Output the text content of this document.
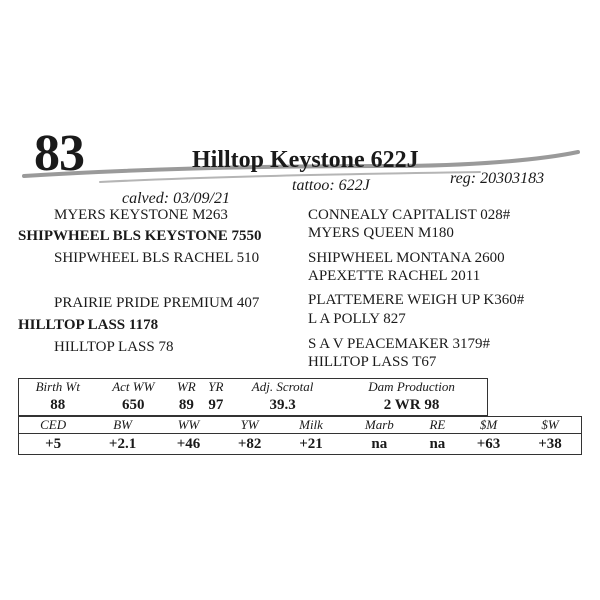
83	Hilltop Keystone 622J
calved: 03/09/21
tattoo: 622J	reg: 20303183
MYERS KEYSTONE M263
SHIPWHEEL BLS KEYSTONE 7550
SHIPWHEEL BLS RACHEL 510
PRAIRIE PRIDE PREMIUM 407
HILLTOP LASS 1178
HILLTOP LASS 78
CONNEALY CAPITALIST 028#
MYERS QUEEN M180
SHIPWHEEL MONTANA 2600
APEXETTE RACHEL 2011
PLATTEMERE WEIGH UP K360#
L A POLLY 827
S A V PEACEMAKER 3179#
HILLTOP LASS T67
Birth Wt	Act WW	WR	YR	Adj. Scrotal	Dam Production
88	650	89	97	39.3	2 WR 98
CED	BW	WW	YW	Milk	Marb	RE	$M	$W
+5	+2.1	+46	+82	+21	na	na	+63	+38
